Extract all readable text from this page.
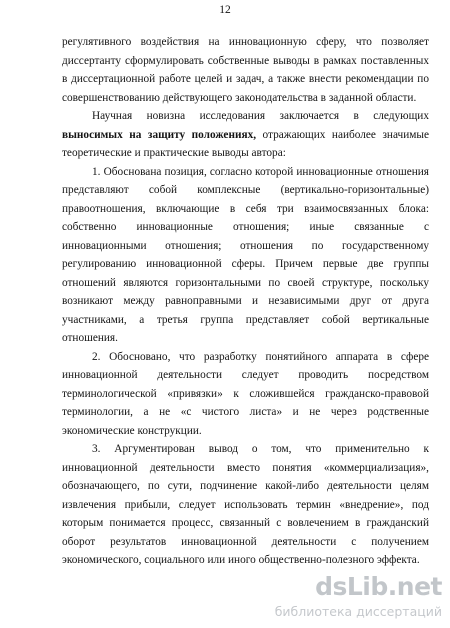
12

регулятивного воздействия на инновационную сферу, что позволяет диссертанту сформулировать собственные выводы в рамках поставленных в диссертационной работе целей и задач, а также внести рекомендации по совершенствованию действующего законодательства в заданной области.

Научная новизна исследования заключается в следующих выносимых на защиту положениях, отражающих наиболее значимые теоретические и практические выводы автора:

1. Обоснована позиция, согласно которой инновационные отношения представляют собой комплексные (вертикально-горизонтальные) правоотношения, включающие в себя три взаимосвязанных блока: собственно инновационные отношения; иные связанные с инновационными отношения; отношения по государственному регулированию инновационной сферы. Причем первые две группы отношений являются горизонтальными по своей структуре, поскольку возникают между равноправными и независимыми друг от друга участниками, а третья группа представляет собой вертикальные отношения.

2. Обосновано, что разработку понятийного аппарата в сфере инновационной деятельности следует проводить посредством терминологической «привязки» к сложившейся гражданско-правовой терминологии, а не «с чистого листа» и не через родственные экономические конструкции.

3. Аргументирован вывод о том, что применительно к инновационной деятельности вместо понятия «коммерциализация», обозначающего, по сути, подчинение какой-либо деятельности целям извлечения прибыли, следует использовать термин «внедрение», под которым понимается процесс, связанный с вовлечением в гражданский оборот результатов инновационной деятельности с получением экономического, социального или иного общественно-полезного эффекта.

ds Lib . net
библиотека диссертаций
